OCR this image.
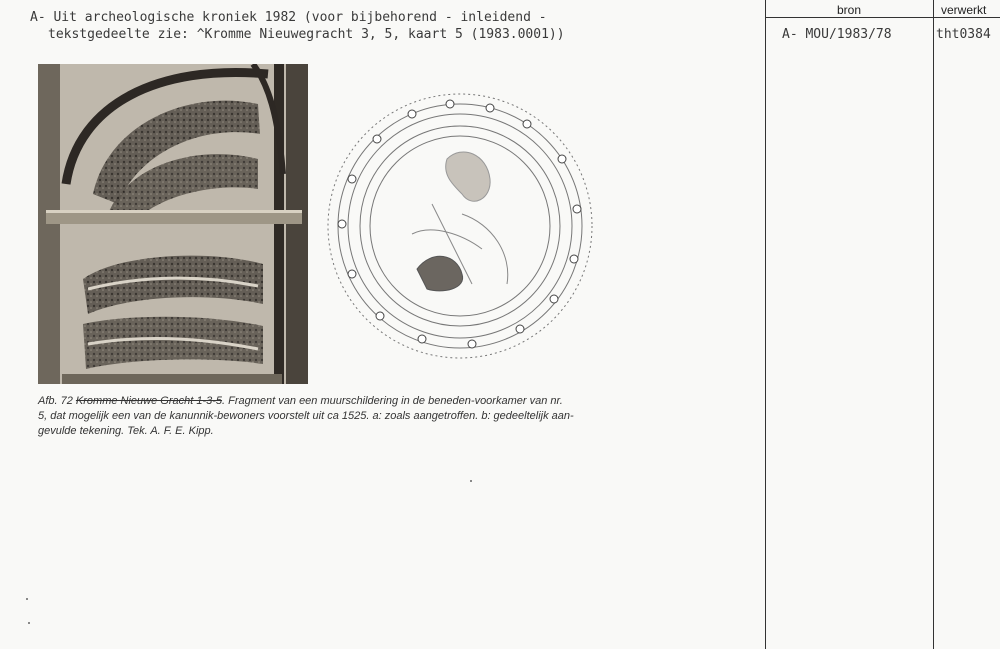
A- Uit archeologische kroniek 1982 (voor bijbehorend - inleidend -
tekstgedeelte zie: ^Kromme Nieuwegracht 3, 5, kaart 5 (1983.0001))
bron	verwerkt
A- MOU/1983/78	tht0384
Afb. 72 Kromme Nieuwe Gracht 1-3-5. Fragment van een muurschildering in de beneden-voorkamer van nr.
5, dat mogelijk een van de kanunnik-bewoners voorstelt uit ca 1525. a: zoals aangetroffen. b: gedeeltelijk aan-
gevulde tekening. Tek. A. F. E. Kipp.
